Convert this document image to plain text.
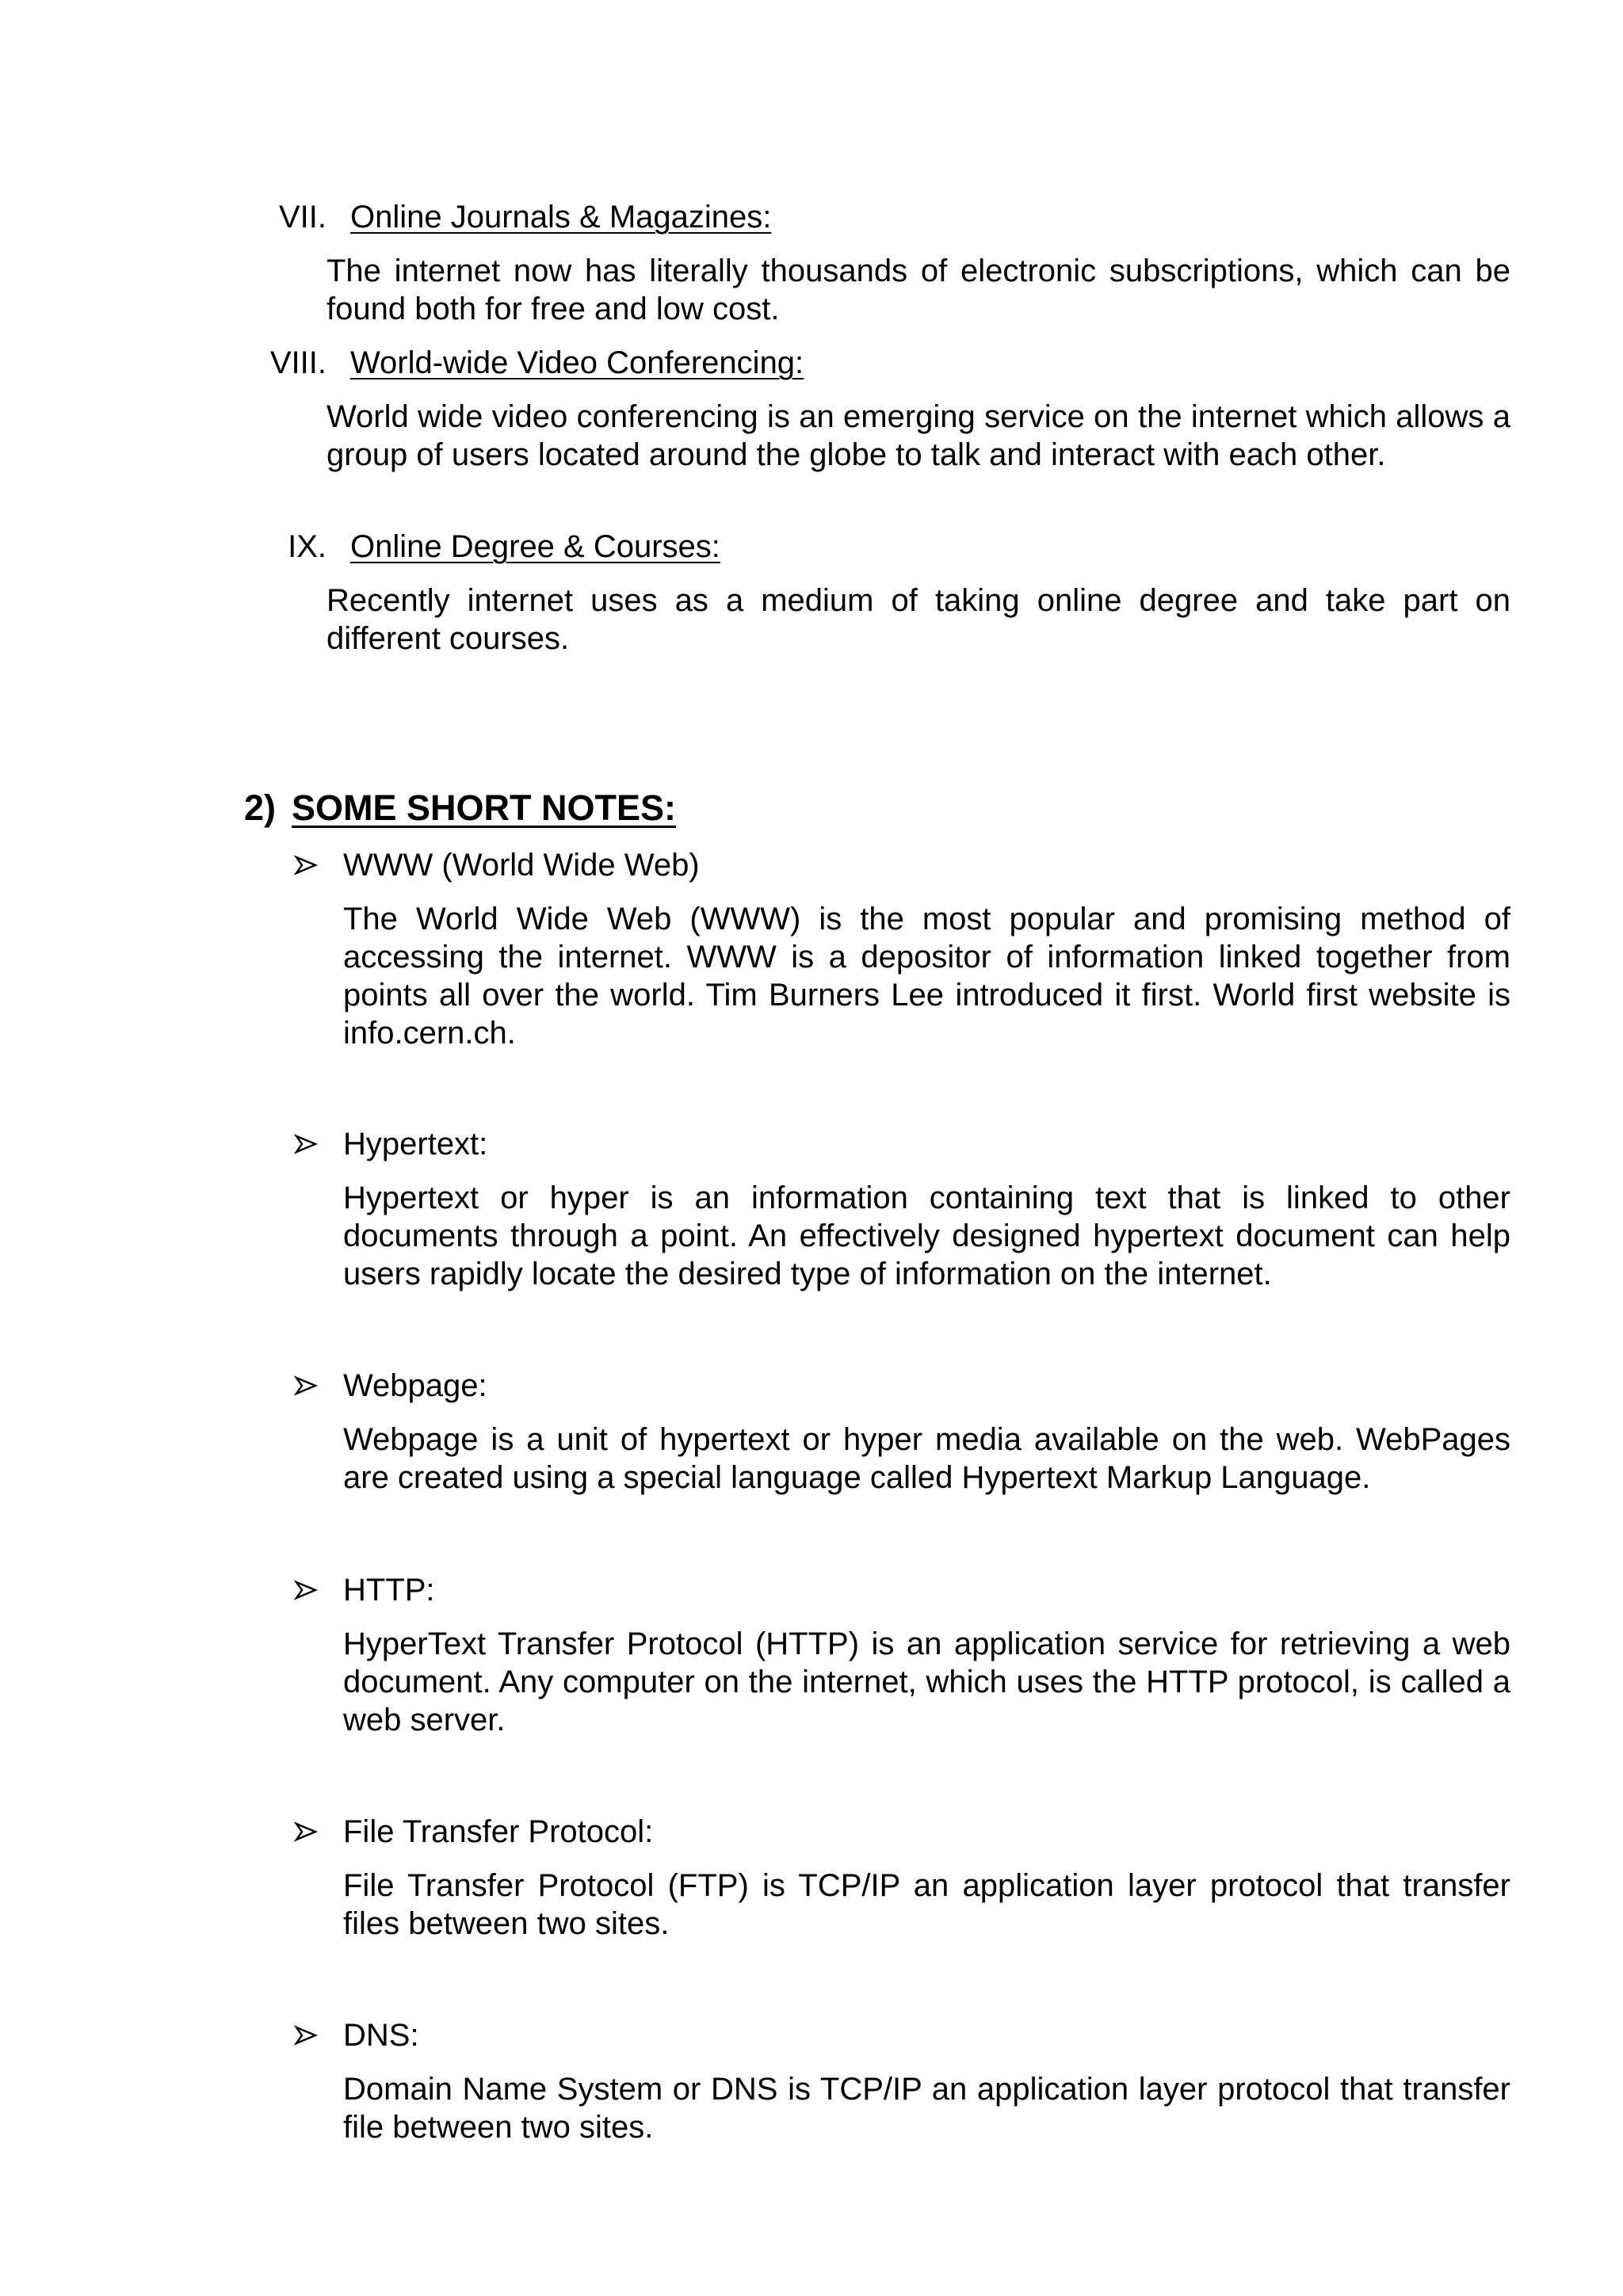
VII. Online Journals & Magazines:

The internet now has literally thousands of electronic subscriptions, which can be found both for free and low cost.

VIII. World-wide Video Conferencing:

World wide video conferencing is an emerging service on the internet which allows a group of users located around the globe to talk and interact with each other.

IX. Online Degree & Courses:

Recently internet uses as a medium of taking online degree and take part on different courses.

2) SOME SHORT NOTES:
WWW (World Wide Web)

The World Wide Web (WWW) is the most popular and promising method of accessing the internet. WWW is a depositor of information linked together from points all over the world. Tim Burners Lee introduced it first. World first website is info.cern.ch.

Hypertext:

Hypertext or hyper is an information containing text that is linked to other documents through a point. An effectively designed hypertext document can help users rapidly locate the desired type of information on the internet.

Webpage:

Webpage is a unit of hypertext or hyper media available on the web. WebPages are created using a special language called Hypertext Markup Language.

HTTP:

HyperText Transfer Protocol (HTTP) is an application service for retrieving a web document. Any computer on the internet, which uses the HTTP protocol, is called a web server.

File Transfer Protocol:

File Transfer Protocol (FTP) is TCP/IP an application layer protocol that transfer files between two sites.

DNS:

Domain Name System or DNS is TCP/IP an application layer protocol that transfer file between two sites.
